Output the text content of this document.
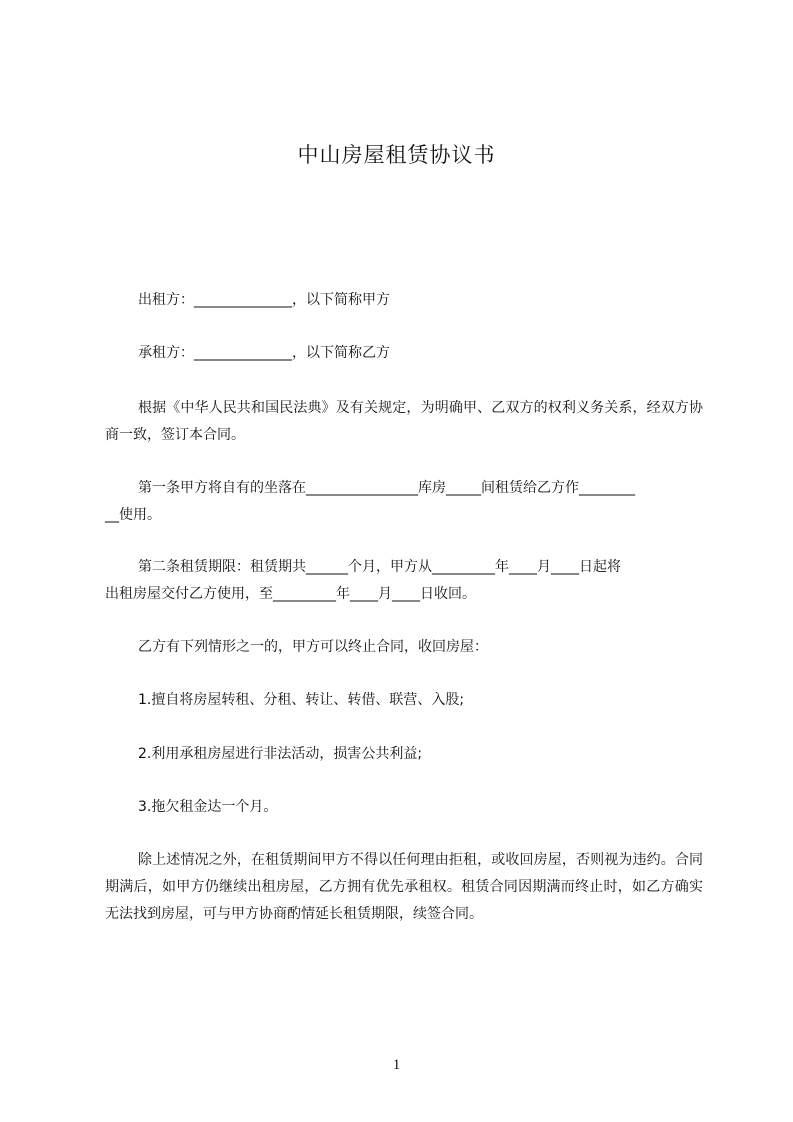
中山房屋租赁协议书
出租方：______________，以下简称甲方
承租方：______________，以下简称乙方
根据《中华人民共和国民法典》及有关规定，为明确甲、乙双方的权利义务关系，经双方协商一致，签订本合同。
第一条甲方将自有的坐落在________________库房_____间租赁给乙方作________
__使用。
第二条租赁期限：租赁期共______个月，甲方从_________年____月____日起将
出租房屋交付乙方使用，至_________年____月____日收回。
乙方有下列情形之一的，甲方可以终止合同，收回房屋：
1.擅自将房屋转租、分租、转让、转借、联营、入股;
2.利用承租房屋进行非法活动，损害公共利益;
3.拖欠租金达一个月。
除上述情况之外，在租赁期间甲方不得以任何理由拒租，或收回房屋，否则视为违约。合同期满后，如甲方仍继续出租房屋，乙方拥有优先承租权。租赁合同因期满而终止时，如乙方确实无法找到房屋，可与甲方协商酌情延长租赁期限，续签合同。
1
